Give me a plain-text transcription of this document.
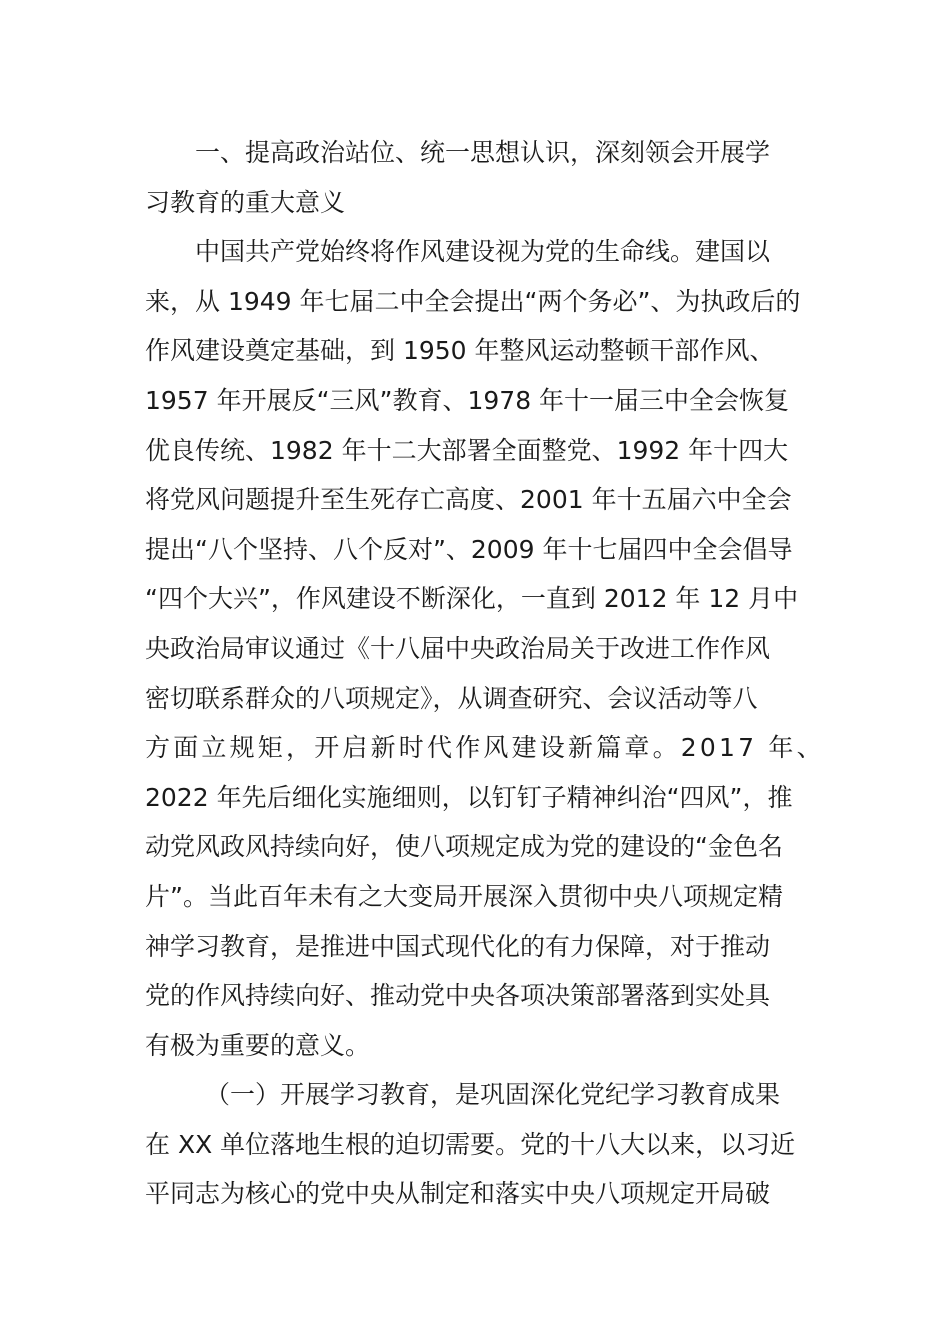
一、提高政治站位、统一思想认识，深刻领会开展学
习教育的重大意义
中国共产党始终将作风建设视为党的生命线。建国以
来，从 1949 年七届二中全会提出“两个务必”、为执政后的
作风建设奠定基础，到 1950 年整风运动整顿干部作风、
1957 年开展反“三风”教育、1978 年十一届三中全会恢复
优良传统、1982 年十二大部署全面整党、1992 年十四大
将党风问题提升至生死存亡高度、2001 年十五届六中全会
提出“八个坚持、八个反对”、2009 年十七届四中全会倡导
“四个大兴”，作风建设不断深化，一直到 2012 年 12 月中
央政治局审议通过《十八届中央政治局关于改进工作作风
密切联系群众的八项规定》，从调查研究、会议活动等八
方面立规矩，开启新时代作风建设新篇章。2017 年、
2022 年先后细化实施细则，以钉钉子精神纠治“四风”，推
动党风政风持续向好，使八项规定成为党的建设的“金色名
片”。当此百年未有之大变局开展深入贯彻中央八项规定精
神学习教育，是推进中国式现代化的有力保障，对于推动
党的作风持续向好、推动党中央各项决策部署落到实处具
有极为重要的意义。
（一）开展学习教育，是巩固深化党纪学习教育成果
在 XX 单位落地生根的迫切需要。党的十八大以来，以习近
平同志为核心的党中央从制定和落实中央八项规定开局破
